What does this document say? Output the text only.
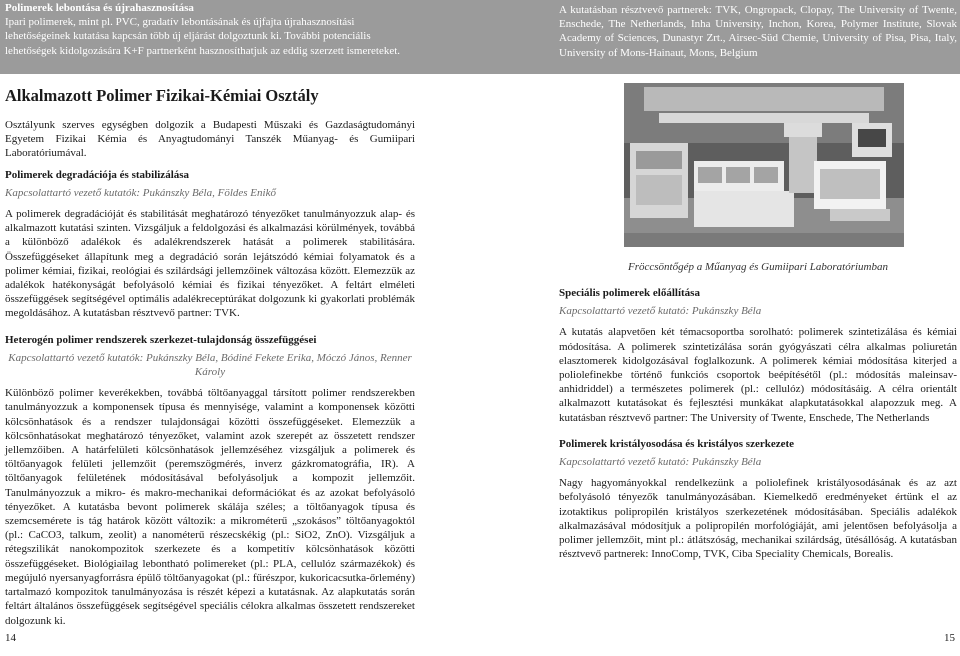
Polimerek lebontása és újrahasznosítása
Ipari polimerek, mint pl. PVC, gradatív lebontásának és újfajta újrahasznosítási lehetőségeinek kutatása kapcsán több új eljárást dolgoztunk ki. További potenciális lehetőségek kidolgozására K+F partnerként hasznosíthatjuk az eddig szerzett ismereteket.
A kutatásban résztvevő partnerek: TVK, Ongropack, Clopay, The University of Twente, Enschede, The Netherlands, Inha University, Inchon, Korea, Polymer Institute, Slovak Academy of Sciences, Dunastyr Zrt., Airsec-Süd Chemie, University of Pisa, Pisa, Italy, University of Mons-Hainaut, Mons, Belgium
Alkalmazott Polimer Fizikai-Kémiai Osztály

Osztályunk szerves egységben dolgozik a Budapesti Műszaki és Gazdaságtudományi Egyetem Fizikai Kémia és Anyagtudományi Tanszék Műanyag- és Gumiipari Laboratóriumával.

Polimerek degradációja és stabilizálása

Kapcsolattartó vezető kutatók: Pukánszky Béla, Földes Enikő

A polimerek degradációját és stabilitását meghatározó tényezőket tanulmányozzuk alap- és alkalmazott kutatási szinten. Vizsgáljuk a feldolgozási és alkalmazási körülmények, továbbá a különböző adalékok és adalékrendszerek hatását a polimerek stabilitására. Összefüggéseket állapítunk meg a degradáció során lejátszódó kémiai folyamatok és a polimer kémiai, fizikai, reológiai és szilárdsági jellemzőinek változása között. Elemezzük az adalékok hatékonyságát befolyásoló kémiai és fizikai tényezőket. A feltárt elméleti összefüggések segítségével optimális adalékreceptúrákat dolgozunk ki gyakorlati problémák megoldásához. A kutatásban résztvevő partner: TVK.

Heterogén polimer rendszerek szerkezet-tulajdonság összefüggései

Kapcsolattartó vezető kutatók: Pukánszky Béla, Bódiné Fekete Erika, Móczó János, Renner Károly

Különböző polimer keverékekben, továbbá töltőanyaggal társított polimer rendszerekben tanulmányozzuk a komponensek típusa és mennyisége, valamint a komponensek közötti kölcsönhatások és a rendszer tulajdonságai közötti összefüggéseket. Elemezzük a kölcsönhatásokat meghatározó tényezőket, valamint azok szerepét az összetett rendszer jellemzőiben. A határfelületi kölcsönhatások jellemzéséhez vizsgáljuk a polimerek és töltőanyagok felületi jellemzőit (peremszögmérés, inverz gázkromatográfia, IR). A töltőanyagok felületének módosításával befolyásoljuk a kompozit jellemzőit. Tanulmányozzuk a mikro- és makro-mechanikai deformációkat és az azokat befolyásoló tényezőket. A kutatásba bevont polimerek skálája széles; a töltőanyagok típusa és szemcsemérete is tág határok között változik: a mikrométerű „szokásos” töltőanyagoktól (pl.: CaCO3, talkum, zeolit) a nanométerű részecskékig (pl.: SiO2, ZnO). Vizsgáljuk a rétegszilikát nanokompozitok szerkezete és a kompetitív kölcsönhatások közötti összefüggéseket. Biológiailag lebontható polimereket (pl.: PLA, cellulóz származékok) és megújuló nyersanyagforrásra épülő töltőanyagokat (pl.: fűrészpor, kukoricacsutka-őrlemény) tartalmazó kompozitok tanulmányozása is részét képezi a kutatásnak. Az alapkutatás során feltárt általános összefüggések segítségével speciális célokra alkalmas összetett rendszereket dolgozunk ki.

Fröccsöntőgép a Műanyag és Gumiipari Laboratóriumban

Speciális polimerek előállítása

Kapcsolattartó vezető kutató: Pukánszky Béla

A kutatás alapvetően két témacsoportba sorolható: polimerek szintetizálása és kémiai módosítása. A polimerek szintetizálása során gyógyászati célra alkalmas poliuretán elasztomerek kidolgozásával foglalkozunk. A polimerek kémiai módosítása kiterjed a poliolefinekbe történő funkciós csoportok beépítésétől (pl.: módosítás maleinsav-anhidriddel) a természetes polimerek (pl.: cellulóz) módosításáig. A célra orientált alkalmazott kutatásokat és fejlesztési munkákat alapkutatásokkal alapozzuk meg. A kutatásban résztvevő partner: The University of Twente, Enschede, The Netherlands

Polimerek kristályosodása és kristályos szerkezete

Kapcsolattartó vezető kutató: Pukánszky Béla

Nagy hagyományokkal rendelkezünk a poliolefinek kristályosodásának és az azt befolyásoló tényezők tanulmányozásában. Kiemelkedő eredményeket értünk el az izotaktikus polipropilén kristályos szerkezetének módosításában. Speciális adalékok alkalmazásával módosítjuk a polipropilén morfológiáját, ami jelentősen befolyásolja a polimer jellemzőit, mint pl.: átlátszóság, mechanikai szilárdság, ütésállóság. A kutatásban résztvevő partnerek: InnoComp, TVK, Ciba Speciality Chemicals, Borealis.

14	15
